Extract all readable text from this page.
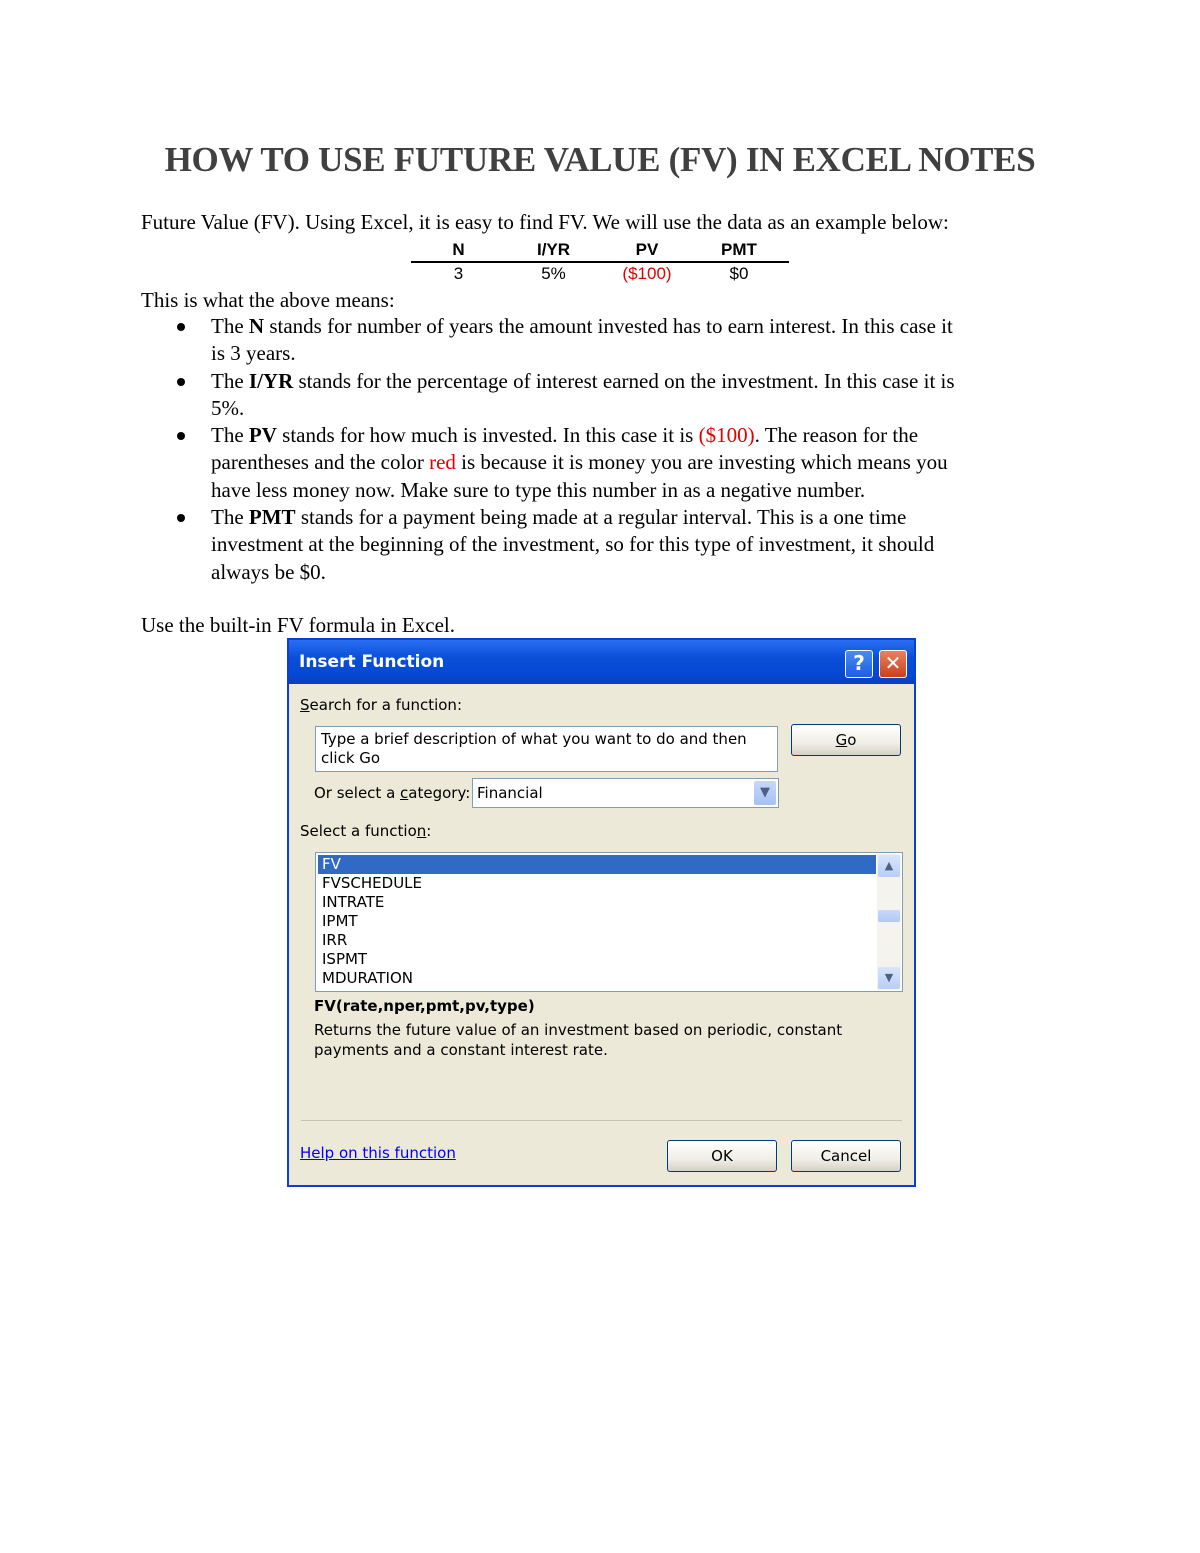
HOW TO USE FUTURE VALUE (FV) IN EXCEL NOTES
Future Value (FV). Using Excel, it is easy to find FV. We will use the data as an example below:
N	I/YR	PV	PMT
3	5%	($100)	$0
This is what the above means:
The N stands for number of years the amount invested has to earn interest. In this case it
is 3 years.
The I/YR stands for the percentage of interest earned on the investment. In this case it is
5%.
The PV stands for how much is invested. In this case it is ($100). The reason for the
parentheses and the color red is because it is money you are investing which means you
have less money now. Make sure to type this number in as a negative number.
The PMT stands for a payment being made at a regular interval. This is a one time
investment at the beginning of the investment, so for this type of investment, it should
always be $0.
Use the built-in FV formula in Excel.
Insert Function	? ✕
Search for a function:
Type a brief description of what you want to do and then click Go
Go
Or select a category: Financial	▼
Select a function:
FV
FVSCHEDULE
INTRATE
IPMT
IRR
ISPMT
MDURATION
▲
▼
FV(rate,nper,pmt,pv,type)
Returns the future value of an investment based on periodic, constant payments and a constant interest rate.
Help on this function	OK	Cancel
